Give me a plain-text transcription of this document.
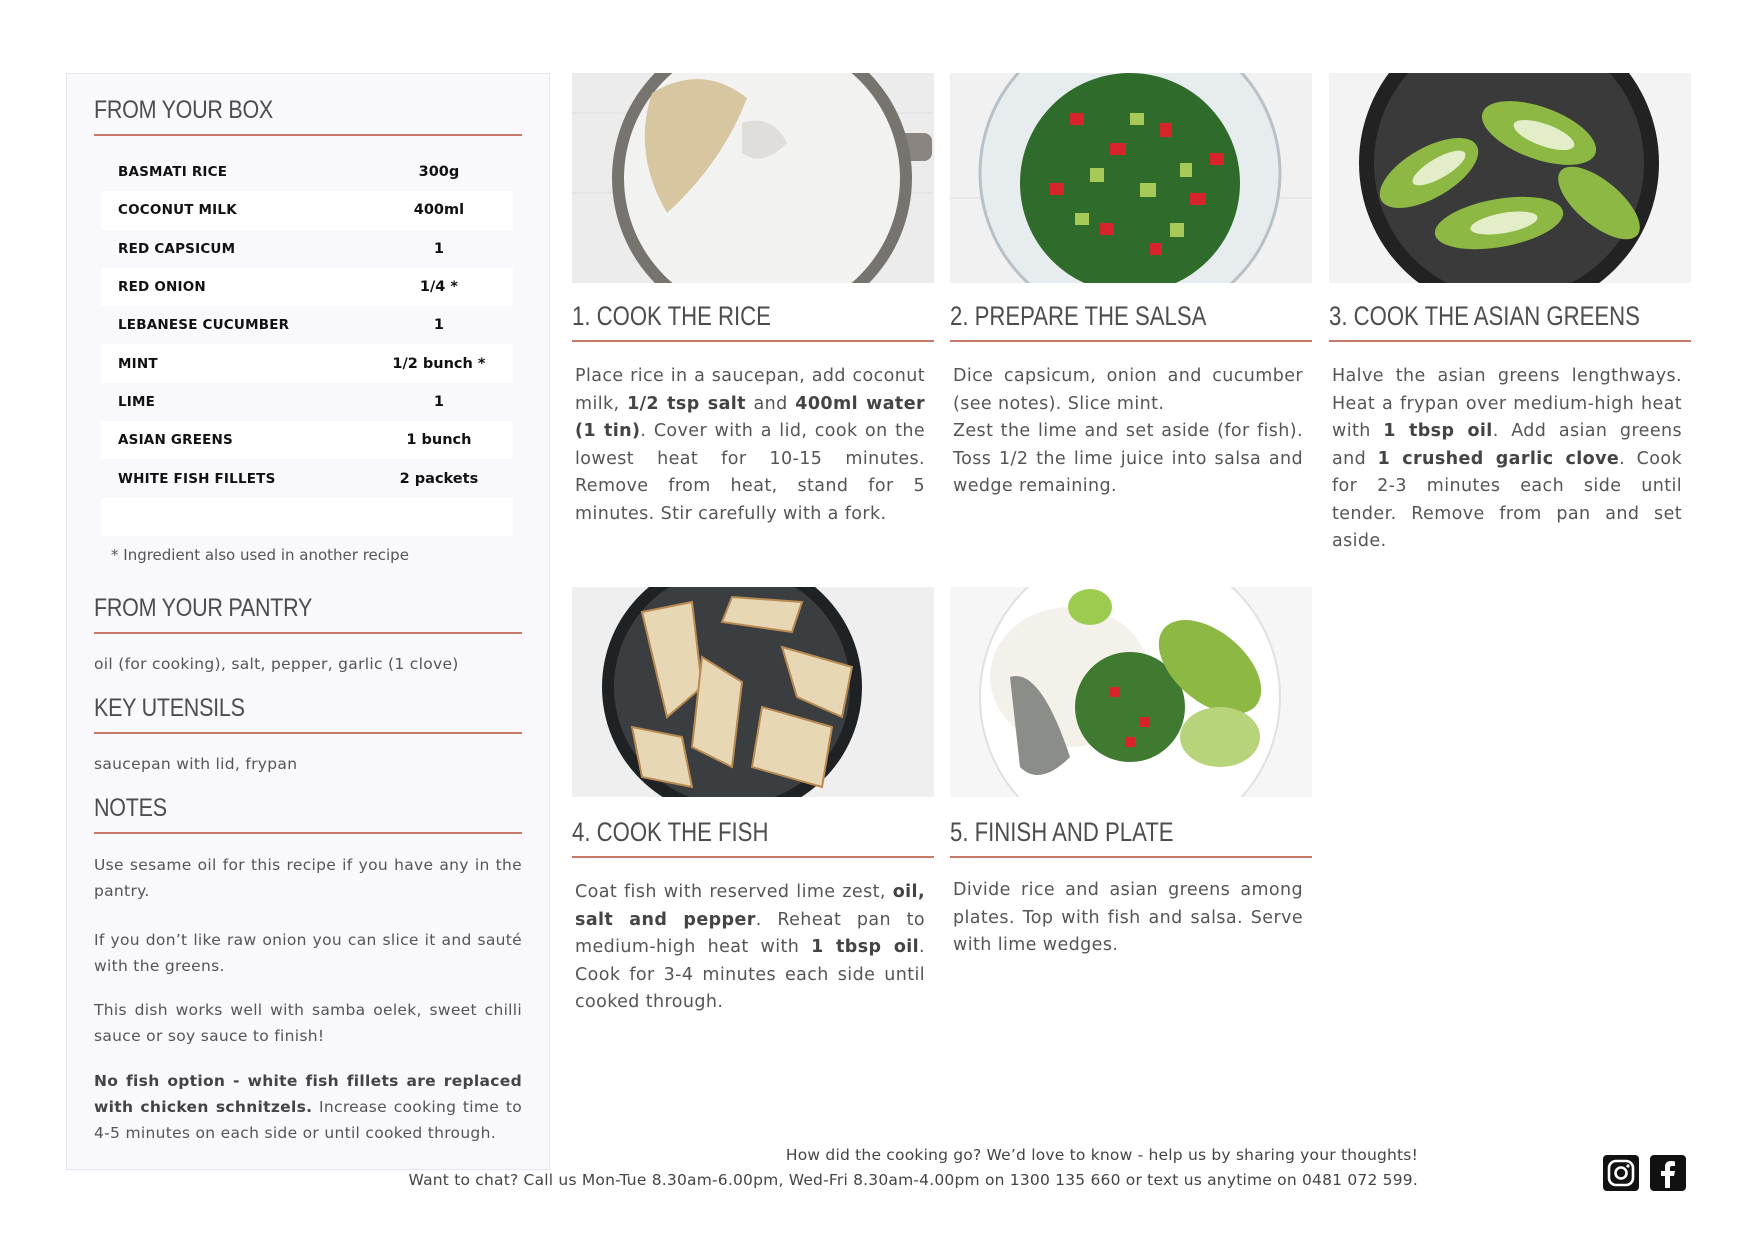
FROM YOUR BOX
BASMATI RICE	300g
COCONUT MILK	400ml
RED CAPSICUM	1
RED ONION	1/4 *
LEBANESE CUCUMBER	1
MINT	1/2 bunch *
LIME	1
ASIAN GREENS	1 bunch
WHITE FISH FILLETS	2 packets
* Ingredient also used in another recipe
FROM YOUR PANTRY
oil (for cooking), salt, pepper, garlic (1 clove)
KEY UTENSILS
saucepan with lid, frypan
NOTES
Use sesame oil for this recipe if you have any in the pantry.
If you don’t like raw onion you can slice it and sauté with the greens.
This dish works well with samba oelek, sweet chilli sauce or soy sauce to finish!
No fish option - white fish fillets are replaced with chicken schnitzels. Increase cooking time to 4-5 minutes on each side or until cooked through.
1. COOK THE RICE
Place rice in a saucepan, add coconut milk, 1/2 tsp salt and 400ml water (1 tin). Cover with a lid, cook on the lowest heat for 10-15 minutes. Remove from heat, stand for 5 minutes. Stir carefully with a fork.
2. PREPARE THE SALSA
Dice capsicum, onion and cucumber (see notes). Slice mint.
Zest the lime and set aside (for fish). Toss 1/2 the lime juice into salsa and wedge remaining.
3. COOK THE ASIAN GREENS
Halve the asian greens lengthways. Heat a frypan over medium-high heat with 1 tbsp oil. Add asian greens and 1 crushed garlic clove. Cook for 2-3 minutes each side until tender. Remove from pan and set aside.
4. COOK THE FISH
Coat fish with reserved lime zest, oil, salt and pepper. Reheat pan to medium-high heat with 1 tbsp oil. Cook for 3-4 minutes each side until cooked through.
5. FINISH AND PLATE
Divide rice and asian greens among plates. Top with fish and salsa. Serve with lime wedges.
How did the cooking go? We’d love to know - help us by sharing your thoughts!
Want to chat? Call us Mon-Tue 8.30am-6.00pm, Wed-Fri 8.30am-4.00pm on 1300 135 660 or text us anytime on 0481 072 599.
